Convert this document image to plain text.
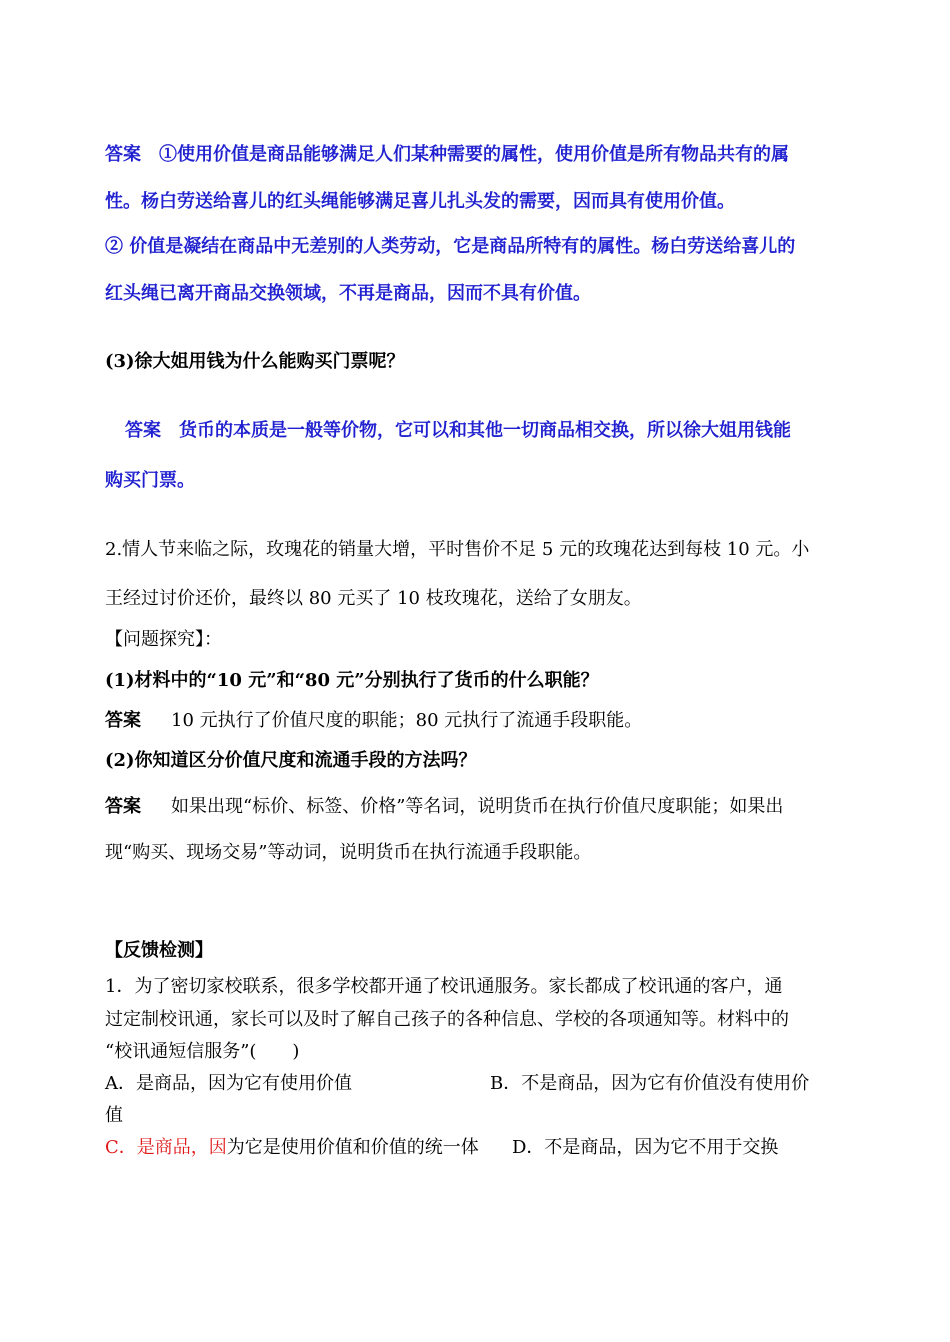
答案 ①使用价值是商品能够满足人们某种需要的属性，使用价值是所有物品共有的属
性。杨白劳送给喜儿的红头绳能够满足喜儿扎头发的需要，因而具有使用价值。
② 价值是凝结在商品中无差别的人类劳动，它是商品所特有的属性。杨白劳送给喜儿的
红头绳已离开商品交换领域，不再是商品，因而不具有价值。
(3)徐大姐用钱为什么能购买门票呢？
答案 货币的本质是一般等价物，它可以和其他一切商品相交换，所以徐大姐用钱能
购买门票。
2.情人节来临之际，玫瑰花的销量大增，平时售价不足 5 元的玫瑰花达到每枝 10 元。小
王经过讨价还价，最终以 80 元买了 10 枝玫瑰花，送给了女朋友。
【问题探究】：
(1)材料中的“10 元”和“80 元”分别执行了货币的什么职能？
答案 10 元执行了价值尺度的职能；80 元执行了流通手段职能。
(2)你知道区分价值尺度和流通手段的方法吗？
答案 如果出现“标价、标签、价格”等名词，说明货币在执行价值尺度职能；如果出
现“购买、现场交易”等动词，说明货币在执行流通手段职能。
【反馈检测】
1．为了密切家校联系，很多学校都开通了校讯通服务。家长都成了校讯通的客户，通
过定制校讯通，家长可以及时了解自己孩子的各种信息、学校的各项通知等。材料中的
“校讯通短信服务”(　　)
A．是商品，因为它有使用价值	B．不是商品，因为它有价值没有使用价
值
C．是商品，因为它是使用价值和价值的统一体 D．不是商品，因为它不用于交换
